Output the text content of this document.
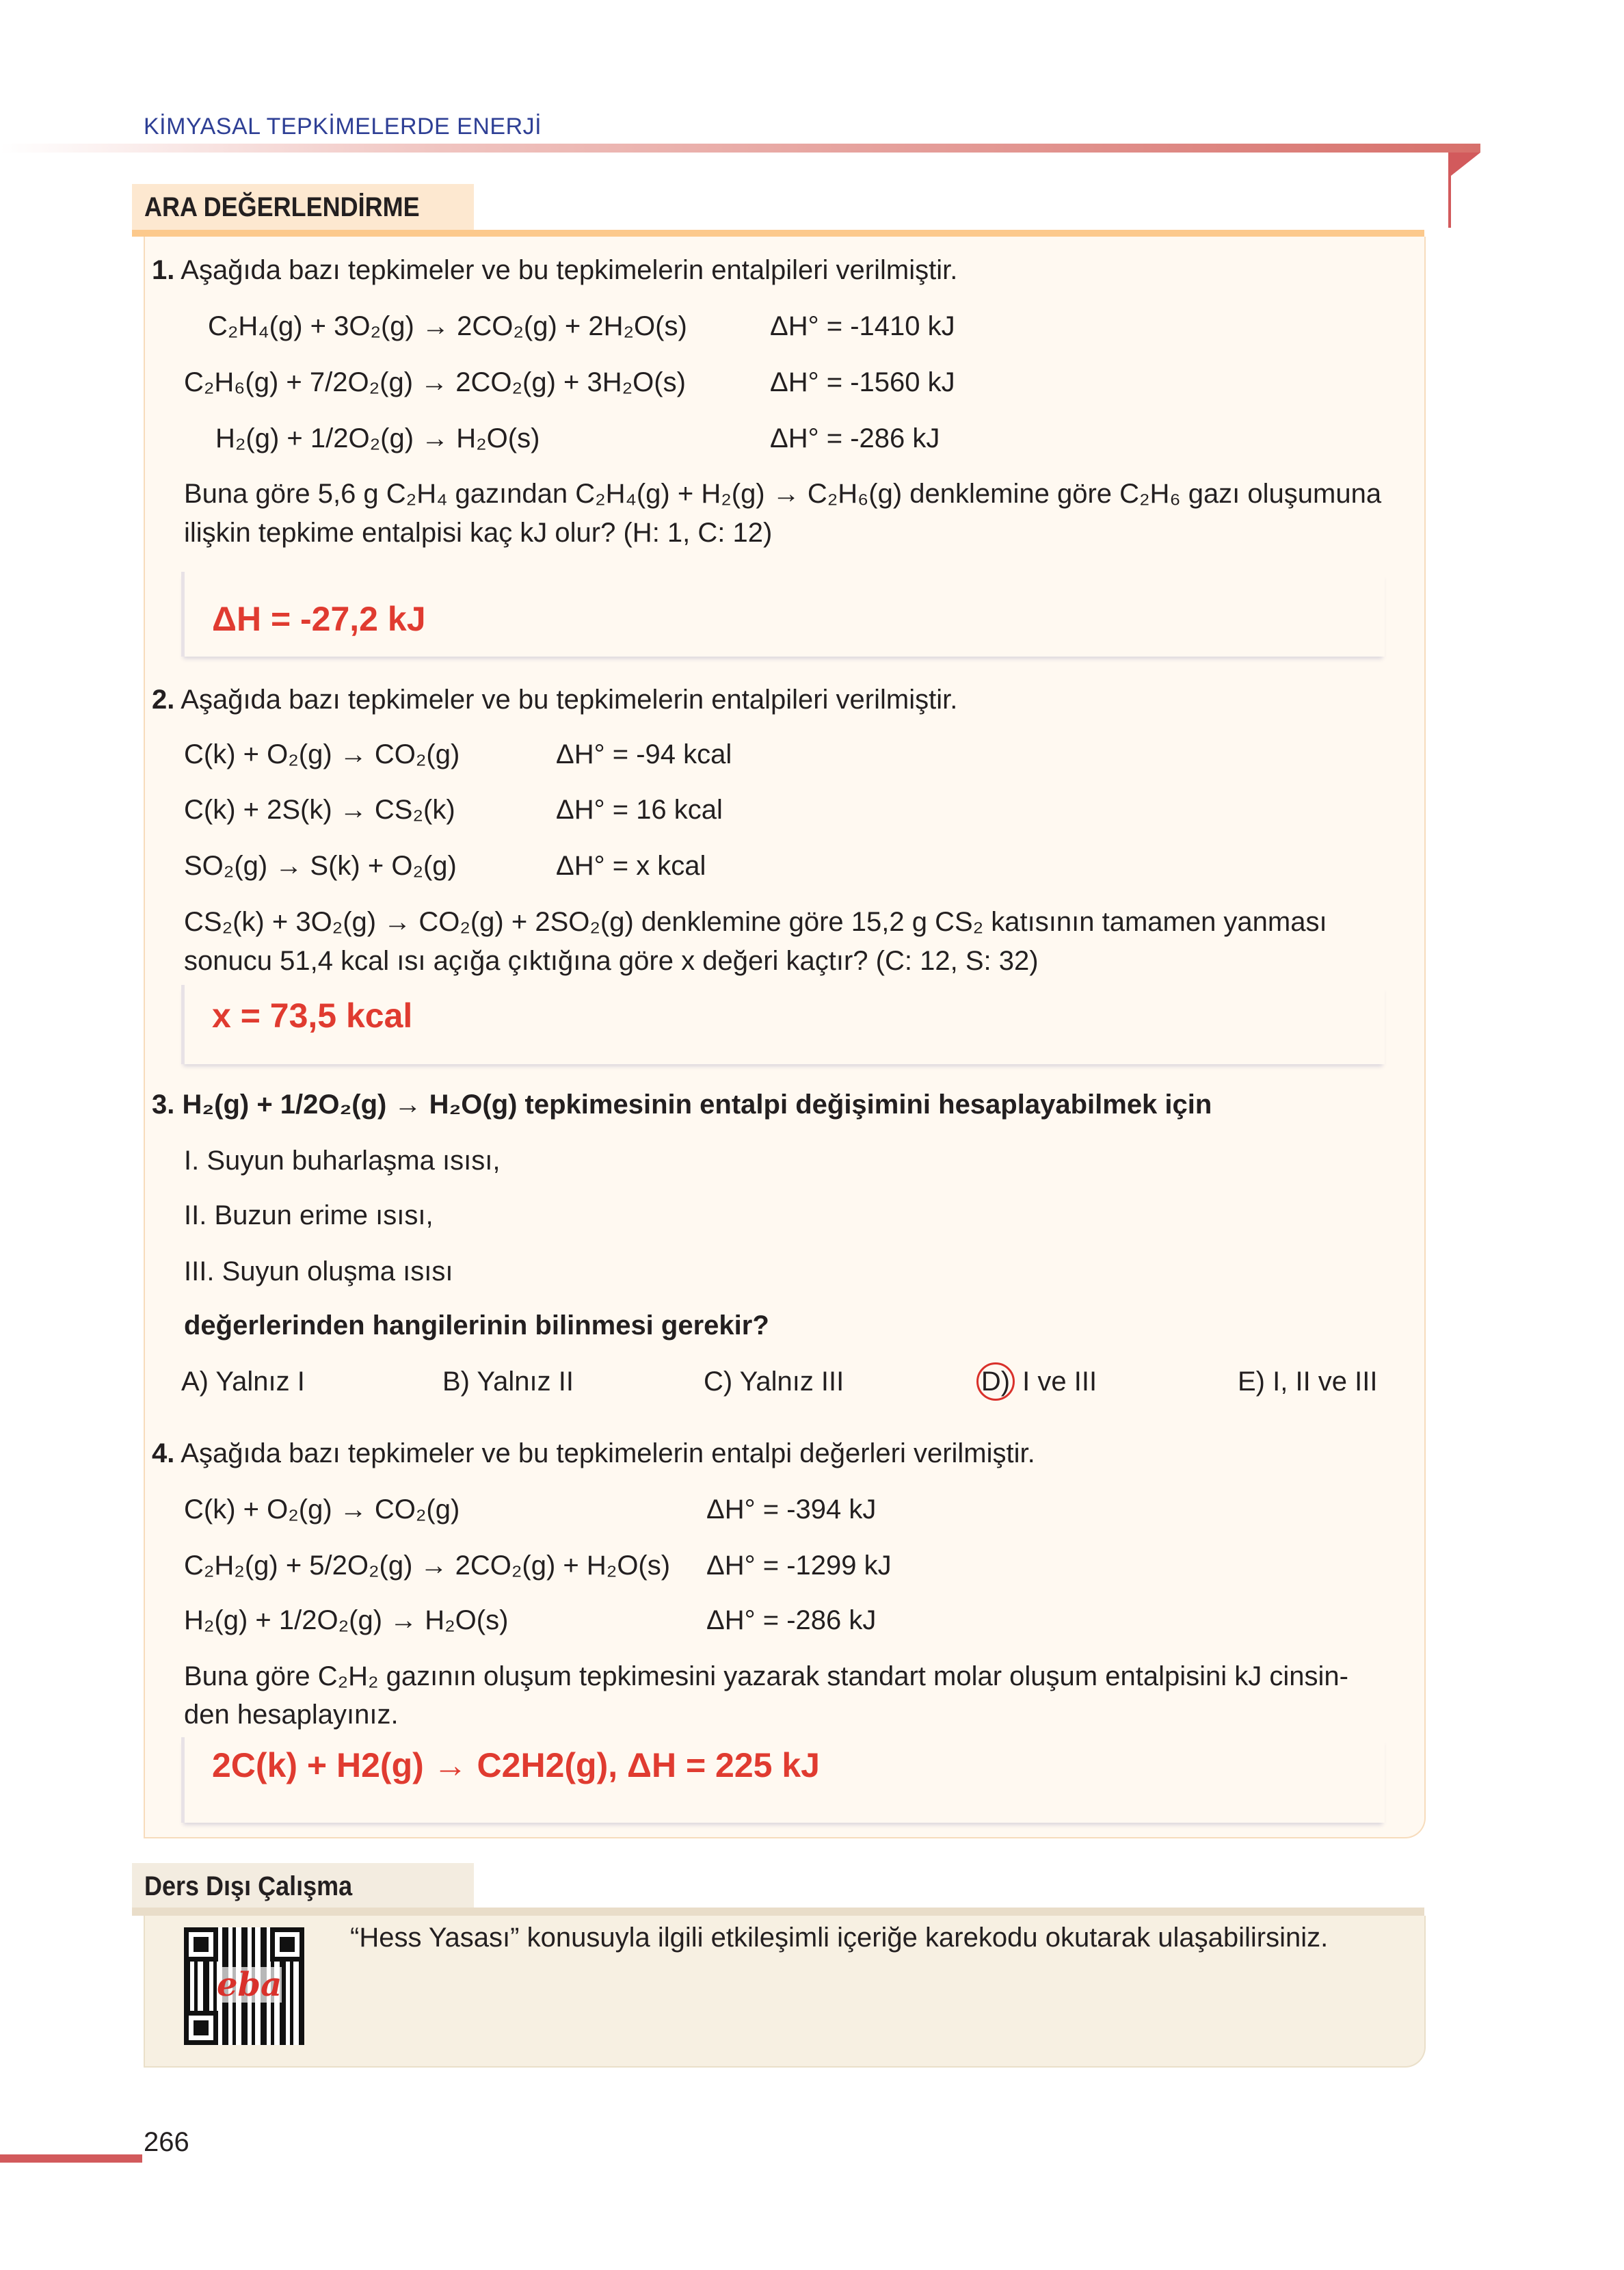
KİMYASAL TEPKİMELERDE ENERJİ
ARA DEĞERLENDİRME
1. Aşağıda bazı tepkimeler ve bu tepkimelerin entalpileri verilmiştir.
C₂H₄(g) + 3O₂(g) → 2CO₂(g) + 2H₂O(s)	ΔH° = -1410 kJ
C₂H₆(g) + 7/2O₂(g) → 2CO₂(g) + 3H₂O(s)	ΔH° = -1560 kJ
H₂(g) + 1/2O₂(g) → H₂O(s)	ΔH° = -286 kJ
Buna göre 5,6 g C₂H₄ gazından C₂H₄(g) + H₂(g) → C₂H₆(g) denklemine göre C₂H₆ gazı oluşumuna
ilişkin tepkime entalpisi kaç kJ olur? (H: 1, C: 12)
ΔH = -27,2 kJ
2. Aşağıda bazı tepkimeler ve bu tepkimelerin entalpileri verilmiştir.
C(k) + O₂(g) → CO₂(g)	ΔH° = -94 kcal
C(k) + 2S(k) → CS₂(k)	ΔH° = 16 kcal
SO₂(g) → S(k) + O₂(g)	ΔH° = x kcal
CS₂(k) + 3O₂(g) → CO₂(g) + 2SO₂(g) denklemine göre 15,2 g CS₂ katısının tamamen yanması
sonucu 51,4 kcal ısı açığa çıktığına göre x değeri kaçtır? (C: 12, S: 32)
x = 73,5 kcal
3. H₂(g) + 1/2O₂(g) → H₂O(g) tepkimesinin entalpi değişimini hesaplayabilmek için
I. Suyun buharlaşma ısısı,
II. Buzun erime ısısı,
III. Suyun oluşma ısısı
değerlerinden hangilerinin bilinmesi gerekir?
A) Yalnız I	B) Yalnız II	C) Yalnız III	D) I ve III	E) I, II ve III
4. Aşağıda bazı tepkimeler ve bu tepkimelerin entalpi değerleri verilmiştir.
C(k) + O₂(g) → CO₂(g)	ΔH° = -394 kJ
C₂H₂(g) + 5/2O₂(g) → 2CO₂(g) + H₂O(s) ΔH° = -1299 kJ
H₂(g) + 1/2O₂(g) → H₂O(s)	ΔH° = -286 kJ
Buna göre C₂H₂ gazının oluşum tepkimesini yazarak standart molar oluşum entalpisini kJ cinsin-
den hesaplayınız.
2C(k) + H2(g) → C2H2(g), ΔH = 225 kJ
Ders Dışı Çalışma
eba
“Hess Yasası” konusuyla ilgili etkileşimli içeriğe karekodu okutarak ulaşabilirsiniz.
266
